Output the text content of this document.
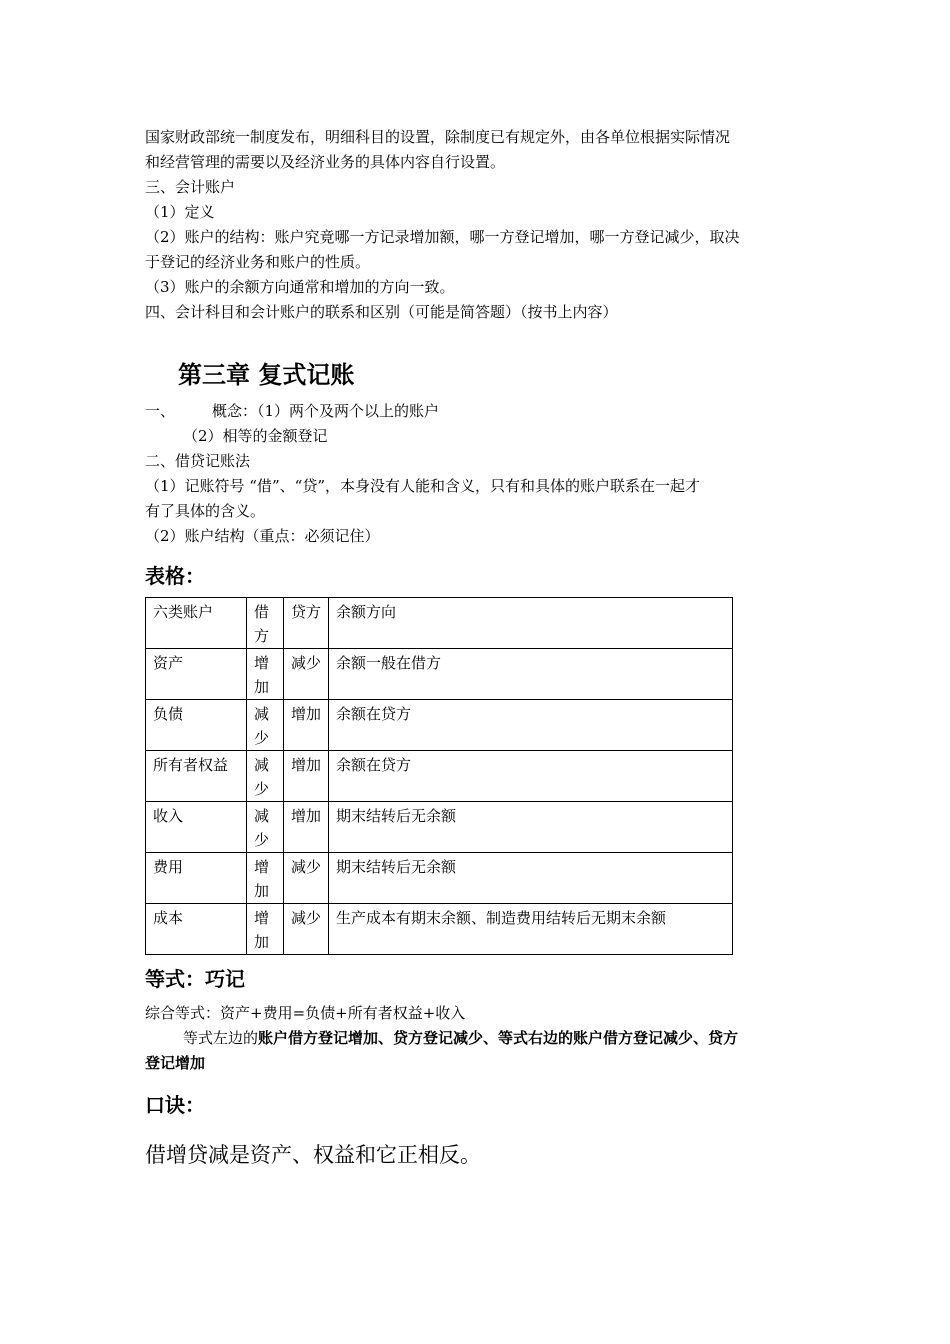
国家财政部统一制度发布，明细科目的设置，除制度已有规定外，由各单位根据实际情况
和经营管理的需要以及经济业务的具体内容自行设置。
三、会计账户
（1）定义
（2）账户的结构：账户究竟哪一方记录增加额，哪一方登记增加，哪一方登记减少，取决
于登记的经济业务和账户的性质。
（3）账户的余额方向通常和增加的方向一致。
四、会计科目和会计账户的联系和区别（可能是简答题）（按书上内容）
第三章 复式记账
一、 概念：（1）两个及两个以上的账户
（2）相等的金额登记
二、借贷记账法
（1）记账符号 “借”、“贷”，本身没有人能和含义，只有和具体的账户联系在一起才
有了具体的含义。
（2）账户结构（重点：必须记住）
表格：
六类账户	借方	贷方	余额方向
资产	增加	减少	余额一般在借方
负债	减少	增加	余额在贷方
所有者权益	减少	增加	余额在贷方
收入	减少	增加	期末结转后无余额
费用	增加	减少	期末结转后无余额
成本	增加	减少	生产成本有期末余额、制造费用结转后无期末余额
等式：巧记
综合等式：资产+费用=负债+所有者权益+收入
等式左边的账户借方登记增加、贷方登记减少、等式右边的账户借方登记减少、贷方
登记增加
口诀：
借增贷减是资产、权益和它正相反。
